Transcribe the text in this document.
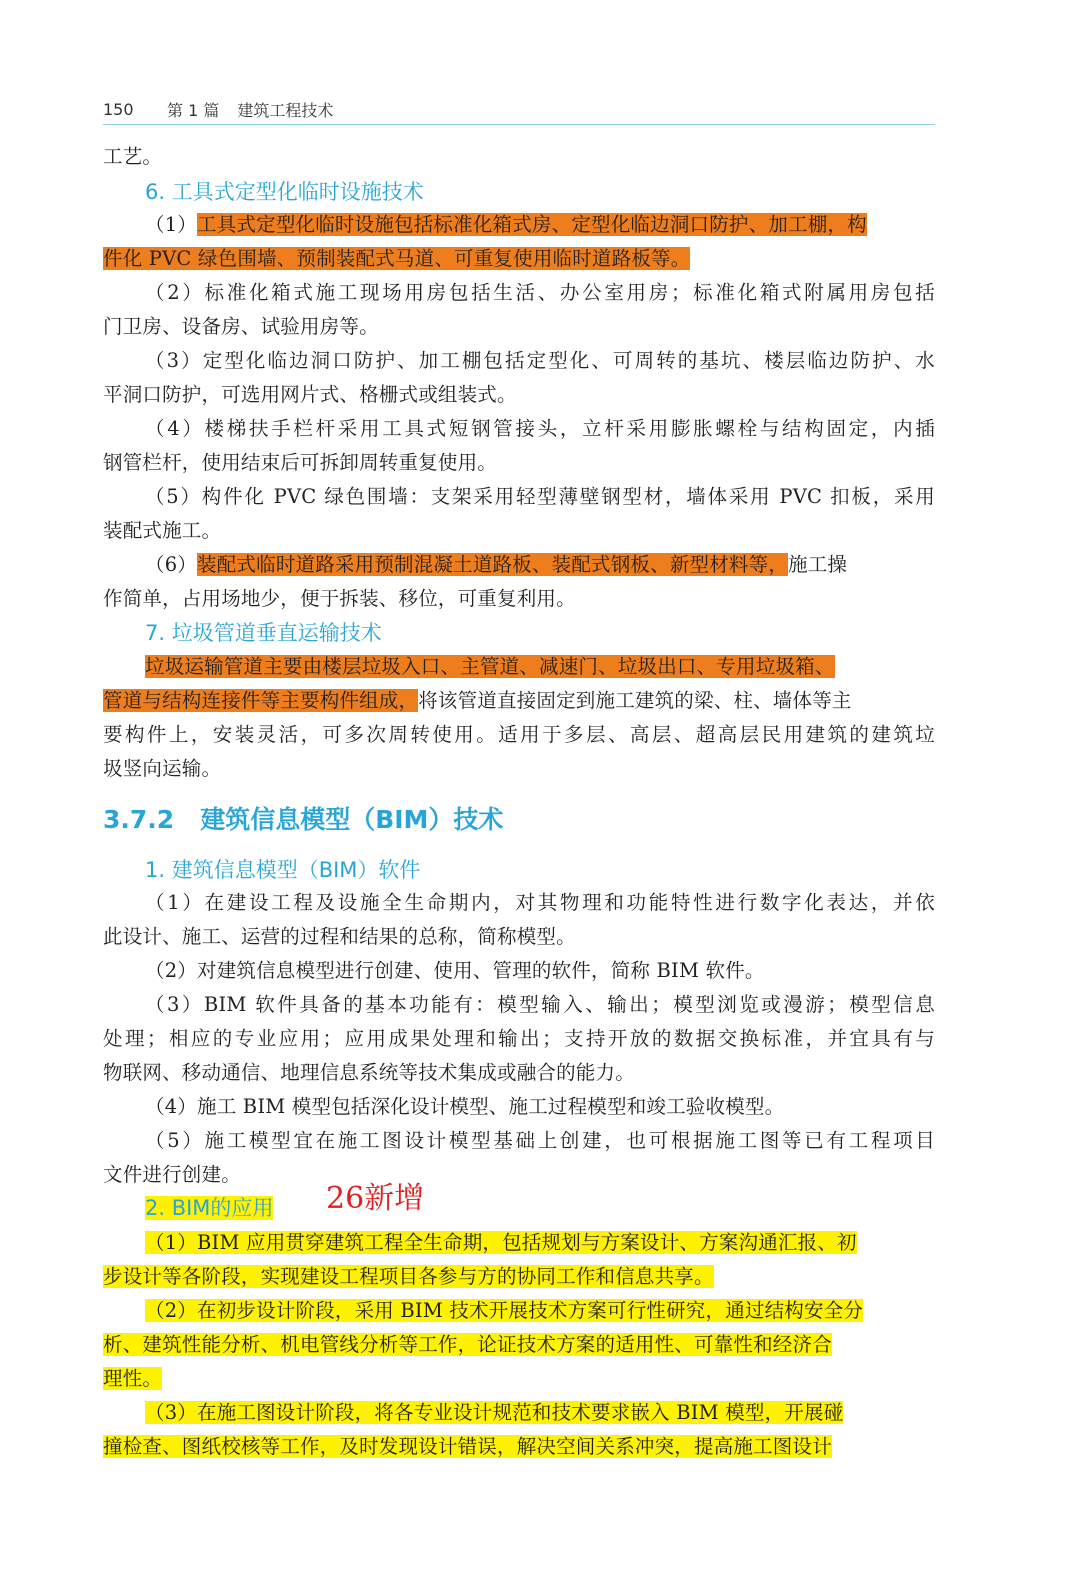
150	第 1 篇 建筑工程技术
工艺。
6. 工具式定型化临时设施技术
（1）工具式定型化临时设施包括标准化箱式房、定型化临边洞口防护、加工棚，构
件化 PVC 绿色围墙、预制装配式马道、可重复使用临时道路板等。
（2）标准化箱式施工现场用房包括生活、办公室用房；标准化箱式附属用房包括
门卫房、设备房、试验用房等。
（3）定型化临边洞口防护、加工棚包括定型化、可周转的基坑、楼层临边防护、水
平洞口防护，可选用网片式、格栅式或组装式。
（4）楼梯扶手栏杆采用工具式短钢管接头，立杆采用膨胀螺栓与结构固定，内插
钢管栏杆，使用结束后可拆卸周转重复使用。
（5）构件化 PVC 绿色围墙：支架采用轻型薄壁钢型材，墙体采用 PVC 扣板，采用
装配式施工。
（6）装配式临时道路采用预制混凝土道路板、装配式钢板、新型材料等，施工操
作简单，占用场地少，便于拆装、移位，可重复利用。
7. 垃圾管道垂直运输技术
垃圾运输管道主要由楼层垃圾入口、主管道、减速门、垃圾出口、专用垃圾箱、
管道与结构连接件等主要构件组成，将该管道直接固定到施工建筑的梁、柱、墙体等主
要构件上，安装灵活，可多次周转使用。适用于多层、高层、超高层民用建筑的建筑垃
圾竖向运输。
3.7.2 建筑信息模型（BIM）技术
1. 建筑信息模型（BIM）软件
（1）在建设工程及设施全生命期内，对其物理和功能特性进行数字化表达，并依
此设计、施工、运营的过程和结果的总称，简称模型。
（2）对建筑信息模型进行创建、使用、管理的软件，简称 BIM 软件。
（3）BIM 软件具备的基本功能有：模型输入、输出；模型浏览或漫游；模型信息
处理；相应的专业应用；应用成果处理和输出；支持开放的数据交换标准，并宜具有与
物联网、移动通信、地理信息系统等技术集成或融合的能力。
（4）施工 BIM 模型包括深化设计模型、施工过程模型和竣工验收模型。
（5）施工模型宜在施工图设计模型基础上创建，也可根据施工图等已有工程项目
文件进行创建。
2. BIM的应用 26新增
（1）BIM 应用贯穿建筑工程全生命期，包括规划与方案设计、方案沟通汇报、初
步设计等各阶段，实现建设工程项目各参与方的协同工作和信息共享。
（2）在初步设计阶段，采用 BIM 技术开展技术方案可行性研究，通过结构安全分
析、建筑性能分析、机电管线分析等工作，论证技术方案的适用性、可靠性和经济合
理性。
（3）在施工图设计阶段，将各专业设计规范和技术要求嵌入 BIM 模型，开展碰
撞检查、图纸校核等工作，及时发现设计错误，解决空间关系冲突，提高施工图设计
